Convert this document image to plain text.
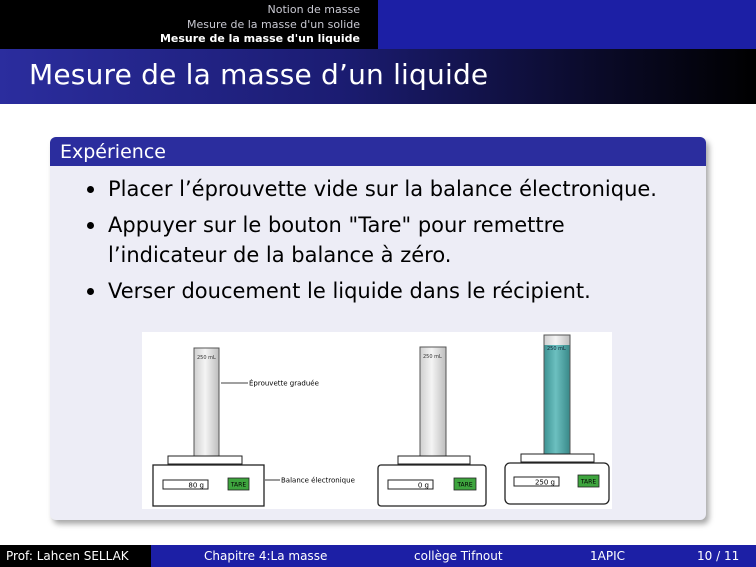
Notion de masse
Mesure de la masse d'un solide
Mesure de la masse d'un liquide
Mesure de la masse d’un liquide
Expérience
Placer l’éprouvette vide sur la balance électronique.
Appuyer sur le bouton "Tare" pour remettre l’indicateur de la balance à zéro.
Verser doucement le liquide dans le récipient.
250 mL
80 g	TARE
Éprouvette graduée
Balance électronique
250 mL
0 g	TARE
250 mL
250 g	TARE
Prof: Lahcen SELLAK	Chapitre 4:La masse	collège Tifnout	1APIC	10 / 11
